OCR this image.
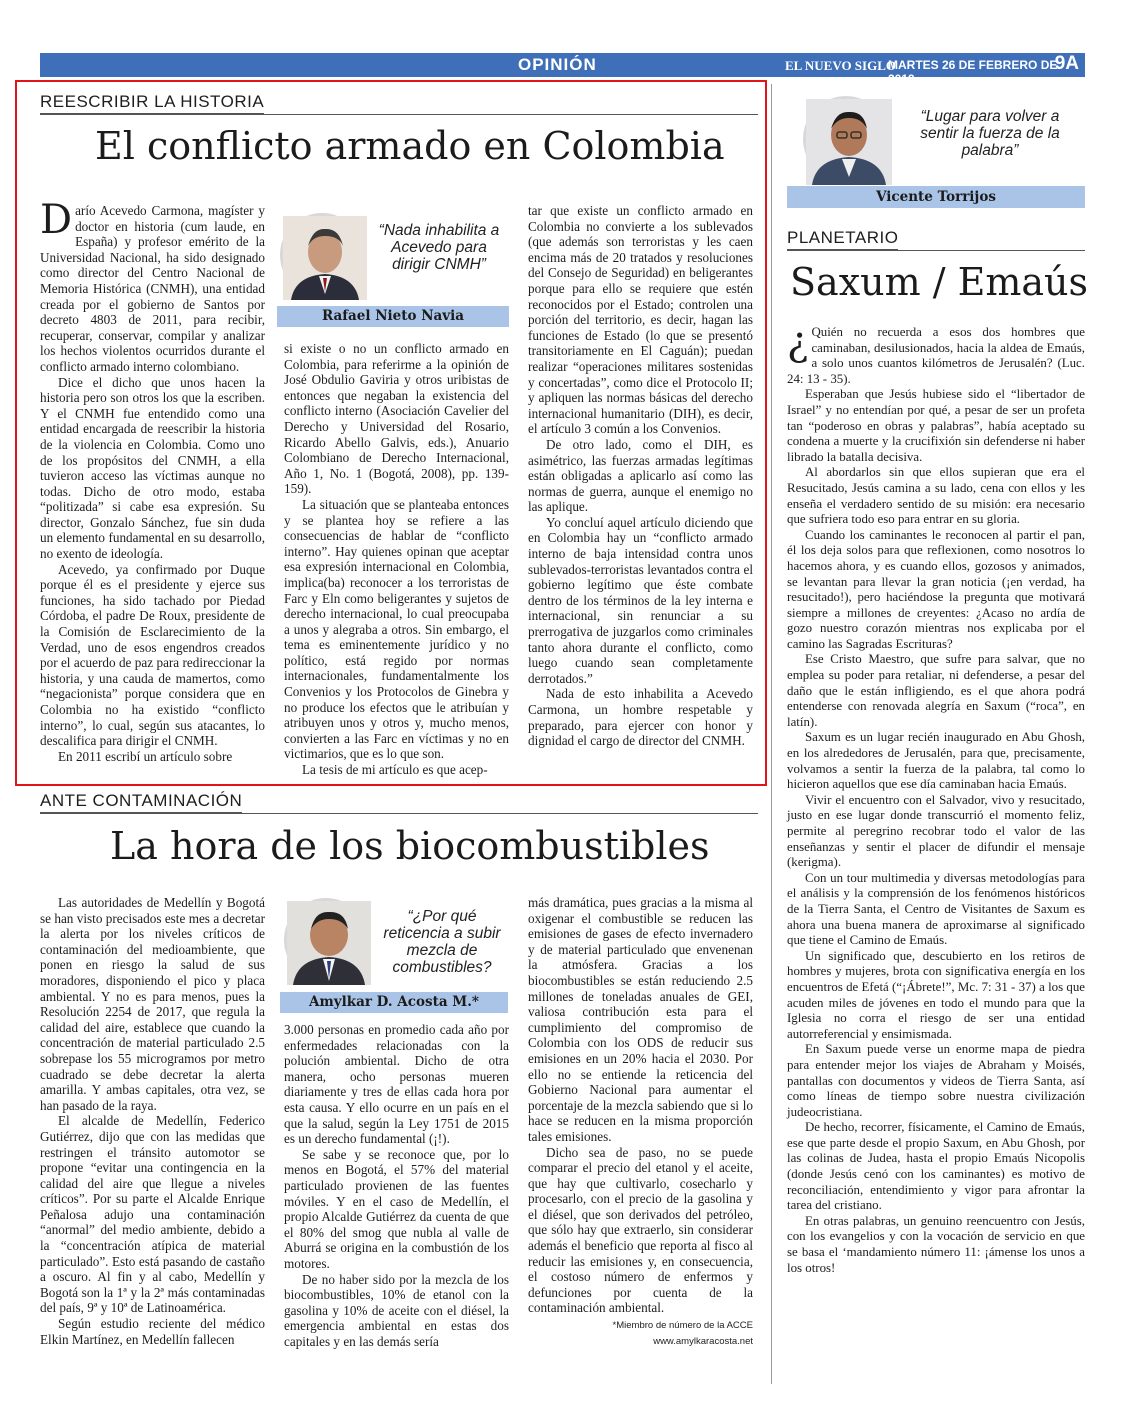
OPINIÓN	EL NUEVO SIGLO
MARTES 26 DE FEBRERO DE 2019
9A
REESCRIBIR LA HISTORIA
El conflicto armado en Colombia

Darío Acevedo Carmona, magíster y doctor en historia (cum laude, en España) y profesor emérito de la Universidad Nacional, ha sido designado como director del Centro Nacional de Memoria Histórica (CNMH), una entidad creada por el gobierno de Santos por decreto 4803 de 2011, para recibir, recuperar, conservar, compilar y analizar los hechos violentos ocurridos durante el conflicto armado interno colombiano.

Dice el dicho que unos hacen la historia pero son otros los que la escriben. Y el CNMH fue entendido como una entidad encargada de reescribir la historia de la violencia en Colombia. Como uno de los propósitos del CNMH, a ella tuvieron acceso las víctimas aunque no todas. Dicho de otro modo, estaba “politizada” si cabe esa expresión. Su director, Gonzalo Sánchez, fue sin duda un elemento fundamental en su desarrollo, no exento de ideología.

Acevedo, ya confirmado por Duque porque él es el presidente y ejerce sus funciones, ha sido tachado por Piedad Córdoba, el padre De Roux, presidente de la Comisión de Esclarecimiento de la Verdad, uno de esos engendros creados por el acuerdo de paz para redireccionar la historia, y una cauda de mamertos, como “negacionista” porque considera que en Colombia no ha existido “conflicto interno”, lo cual, según sus atacantes, lo descalifica para dirigir el CNMH.

En 2011 escribí un artículo sobre

“Nada inhabilita a Acevedo para dirigir CNMH”
Rafael Nieto Navia

si existe o no un conflicto armado en Colombia, para referirme a la opinión de José Obdulio Gaviria y otros uribistas de entonces que negaban la existencia del conflicto interno (Asociación Cavelier del Derecho y Universidad del Rosario, Ricardo Abello Galvis, eds.), Anuario Colombiano de Derecho Internacional, Año 1, No. 1 (Bogotá, 2008), pp. 139-159).

La situación que se planteaba entonces y se plantea hoy se refiere a las consecuencias de hablar de “conflicto interno”. Hay quienes opinan que aceptar esa expresión internacional en Colombia, implica(ba) reconocer a los terroristas de Farc y Eln como beligerantes y sujetos de derecho internacional, lo cual preocupaba a unos y alegraba a otros. Sin embargo, el tema es eminentemente jurídico y no político, está regido por normas internacionales, fundamentalmente los Convenios y los Protocolos de Ginebra y no produce los efectos que le atribuían y atribuyen unos y otros y, mucho menos, convierten a las Farc en víctimas y no en victimarios, que es lo que son.

La tesis de mi artículo es que acep-

tar que existe un conflicto armado en Colombia no convierte a los sublevados (que además son terroristas y les caen encima más de 20 tratados y resoluciones del Consejo de Seguridad) en beligerantes porque para ello se requiere que estén reconocidos por el Estado; controlen una porción del territorio, es decir, hagan las funciones de Estado (lo que se presentó transitoriamente en El Caguán); puedan realizar “operaciones militares sostenidas y concertadas”, como dice el Protocolo II; y apliquen las normas básicas del derecho internacional humanitario (DIH), es decir, el artículo 3 común a los Convenios.

De otro lado, como el DIH, es asimétrico, las fuerzas armadas legítimas están obligadas a aplicarlo así como las normas de guerra, aunque el enemigo no las aplique.

Yo concluí aquel artículo diciendo que en Colombia hay un “conflicto armado interno de baja intensidad contra unos sublevados-terroristas levantados contra el gobierno legítimo que éste combate dentro de los términos de la ley interna e internacional, sin renunciar a su prerrogativa de juzgarlos como criminales tanto ahora durante el conflicto, como luego cuando sean completamente derrotados.”

Nada de esto inhabilita a Acevedo Carmona, un hombre respetable y preparado, para ejercer con honor y dignidad el cargo de director del CNMH.

ANTE CONTAMINACIÓN
La hora de los biocombustibles

Las autoridades de Medellín y Bogotá se han visto precisados este mes a decretar la alerta por los niveles críticos de contaminación del medioambiente, que ponen en riesgo la salud de sus moradores, disponiendo el pico y placa ambiental. Y no es para menos, pues la Resolución 2254 de 2017, que regula la calidad del aire, establece que cuando la concentración de material particulado 2.5 sobrepase los 55 microgramos por metro cuadrado se debe decretar la alerta amarilla. Y ambas capitales, otra vez, se han pasado de la raya.

El alcalde de Medellín, Federico Gutiérrez, dijo que con las medidas que restringen el tránsito automotor se propone “evitar una contingencia en la calidad del aire que llegue a niveles críticos”. Por su parte el Alcalde Enrique Peñalosa adujo una contaminación “anormal” del medio ambiente, debido a la “concentración atípica de material particulado”. Esto está pasando de castaño a oscuro. Al fin y al cabo, Medellín y Bogotá son la 1ª y la 2ª más contaminadas del país, 9ª y 10ª de Latinoamérica.

Según estudio reciente del médico Elkin Martínez, en Medellín fallecen

“¿Por qué reticencia a subir mezcla de combustibles?
Amylkar D. Acosta M.*

3.000 personas en promedio cada año por enfermedades relacionadas con la polución ambiental. Dicho de otra manera, ocho personas mueren diariamente y tres de ellas cada hora por esta causa. Y ello ocurre en un país en el que la salud, según la Ley 1751 de 2015 es un derecho fundamental (¡!).

Se sabe y se reconoce que, por lo menos en Bogotá, el 57% del material particulado provienen de las fuentes móviles. Y en el caso de Medellín, el propio Alcalde Gutiérrez da cuenta de que el 80% del smog que nubla al valle de Aburrá se origina en la combustión de los motores.

De no haber sido por la mezcla de los biocombustibles, 10% de etanol con la gasolina y 10% de aceite con el diésel, la emergencia ambiental en estas dos capitales y en las demás sería

más dramática, pues gracias a la misma al oxigenar el combustible se reducen las emisiones de gases de efecto invernadero y de material particulado que envenenan la atmósfera. Gracias a los biocombustibles se están reduciendo 2.5 millones de toneladas anuales de GEI, valiosa contribución esta para el cumplimiento del compromiso de Colombia con los ODS de reducir sus emisiones en un 20% hacia el 2030. Por ello no se entiende la reticencia del Gobierno Nacional para aumentar el porcentaje de la mezcla sabiendo que si lo hace se reducen en la misma proporción tales emisiones.

Dicho sea de paso, no se puede comparar el precio del etanol y el aceite, que hay que cultivarlo, cosecharlo y procesarlo, con el precio de la gasolina y el diésel, que son derivados del petróleo, que sólo hay que extraerlo, sin considerar además el beneficio que reporta al fisco al reducir las emisiones y, en consecuencia, el costoso número de enfermos y defunciones por cuenta de la contaminación ambiental.

*Miembro de número de la ACCE
www.amylkaracosta.net
“Lugar para volver a sentir la fuerza de la palabra”
Vicente Torrijos
PLANETARIO
Saxum / Emaús

¿ Quién no recuerda a esos dos hombres que caminaban, desilusionados, hacia la aldea de Emaús, a solo unos cuantos kilómetros de Jerusalén? (Luc. 24: 13 - 35).

Esperaban que Jesús hubiese sido el “libertador de Israel” y no entendían por qué, a pesar de ser un profeta tan “poderoso en obras y palabras”, había aceptado su condena a muerte y la crucifixión sin defenderse ni haber librado la batalla decisiva.

Al abordarlos sin que ellos supieran que era el Resucitado, Jesús camina a su lado, cena con ellos y les enseña el verdadero sentido de su misión: era necesario que sufriera todo eso para entrar en su gloria.

Cuando los caminantes le reconocen al partir el pan, él los deja solos para que reflexionen, como nosotros lo hacemos ahora, y es cuando ellos, gozosos y animados, se levantan para llevar la gran noticia (¡en verdad, ha resucitado!), pero haciéndose la pregunta que motivará siempre a millones de creyentes: ¿Acaso no ardía de gozo nuestro corazón mientras nos explicaba por el camino las Sagradas Escrituras?

Ese Cristo Maestro, que sufre para salvar, que no emplea su poder para retaliar, ni defenderse, a pesar del daño que le están infligiendo, es el que ahora podrá entenderse con renovada alegría en Saxum (“roca”, en latín).

Saxum es un lugar recién inaugurado en Abu Ghosh, en los alrededores de Jerusalén, para que, precisamente, volvamos a sentir la fuerza de la palabra, tal como lo hicieron aquellos que ese día caminaban hacia Emaús.

Vivir el encuentro con el Salvador, vivo y resucitado, justo en ese lugar donde transcurrió el momento feliz, permite al peregrino recobrar todo el valor de las enseñanzas y sentir el placer de difundir el mensaje (kerigma).

Con un tour multimedia y diversas metodologías para el análisis y la comprensión de los fenómenos históricos de la Tierra Santa, el Centro de Visitantes de Saxum es ahora una buena manera de aproximarse al significado que tiene el Camino de Emaús.

Un significado que, descubierto en los retiros de hombres y mujeres, brota con significativa energía en los encuentros de Efetá (“¡Ábrete!”, Mc. 7: 31 - 37) a los que acuden miles de jóvenes en todo el mundo para que la Iglesia no corra el riesgo de ser una entidad autorreferencial y ensimismada.

En Saxum puede verse un enorme mapa de piedra para entender mejor los viajes de Abraham y Moisés, pantallas con documentos y videos de Tierra Santa, así como líneas de tiempo sobre nuestra civilización judeocristiana.

De hecho, recorrer, físicamente, el Camino de Emaús, ese que parte desde el propio Saxum, en Abu Ghosh, por las colinas de Judea, hasta el propio Emaús Nicopolis (donde Jesús cenó con los caminantes) es motivo de reconciliación, entendimiento y vigor para afrontar la tarea del cristiano.

En otras palabras, un genuino reencuentro con Jesús, con los evangelios y con la vocación de servicio en que se basa el ‘mandamiento número 11: ¡ámense los unos a los otros!
